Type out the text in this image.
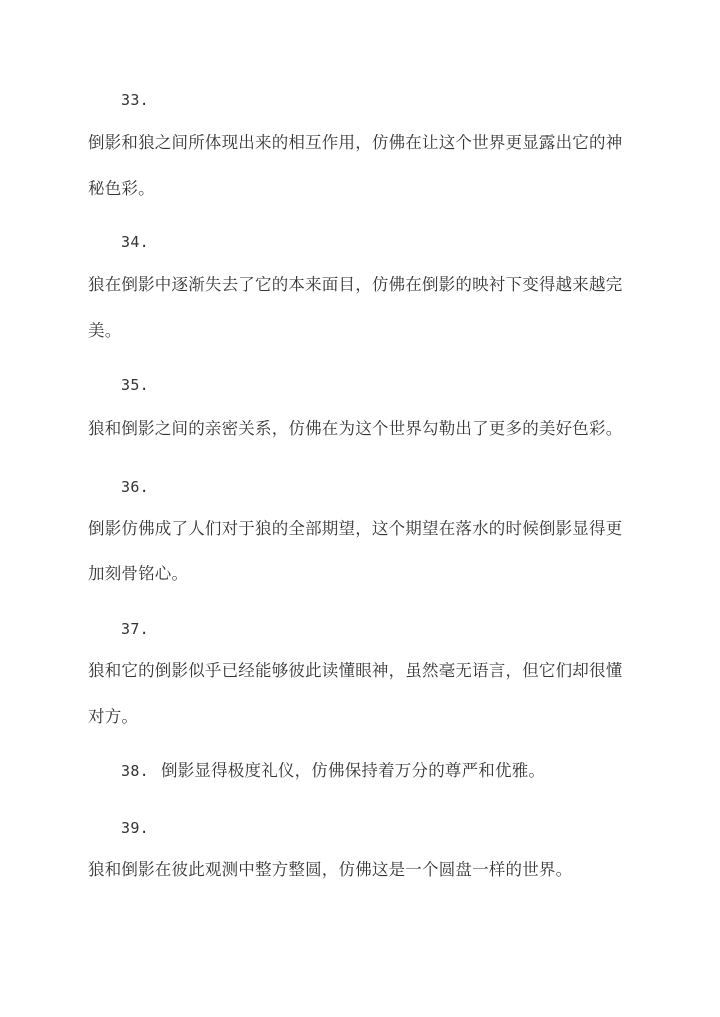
33.
倒影和狼之间所体现出来的相互作用，仿佛在让这个世界更显露出它的神
秘色彩。
34.
狼在倒影中逐渐失去了它的本来面目，仿佛在倒影的映衬下变得越来越完
美。
35.
狼和倒影之间的亲密关系，仿佛在为这个世界勾勒出了更多的美好色彩。
36.
倒影仿佛成了人们对于狼的全部期望，这个期望在落水的时候倒影显得更
加刻骨铭心。
37.
狼和它的倒影似乎已经能够彼此读懂眼神，虽然毫无语言，但它们却很懂
对方。
38. 倒影显得极度礼仪，仿佛保持着万分的尊严和优雅。
39.
狼和倒影在彼此观测中整方整圆，仿佛这是一个圆盘一样的世界。
